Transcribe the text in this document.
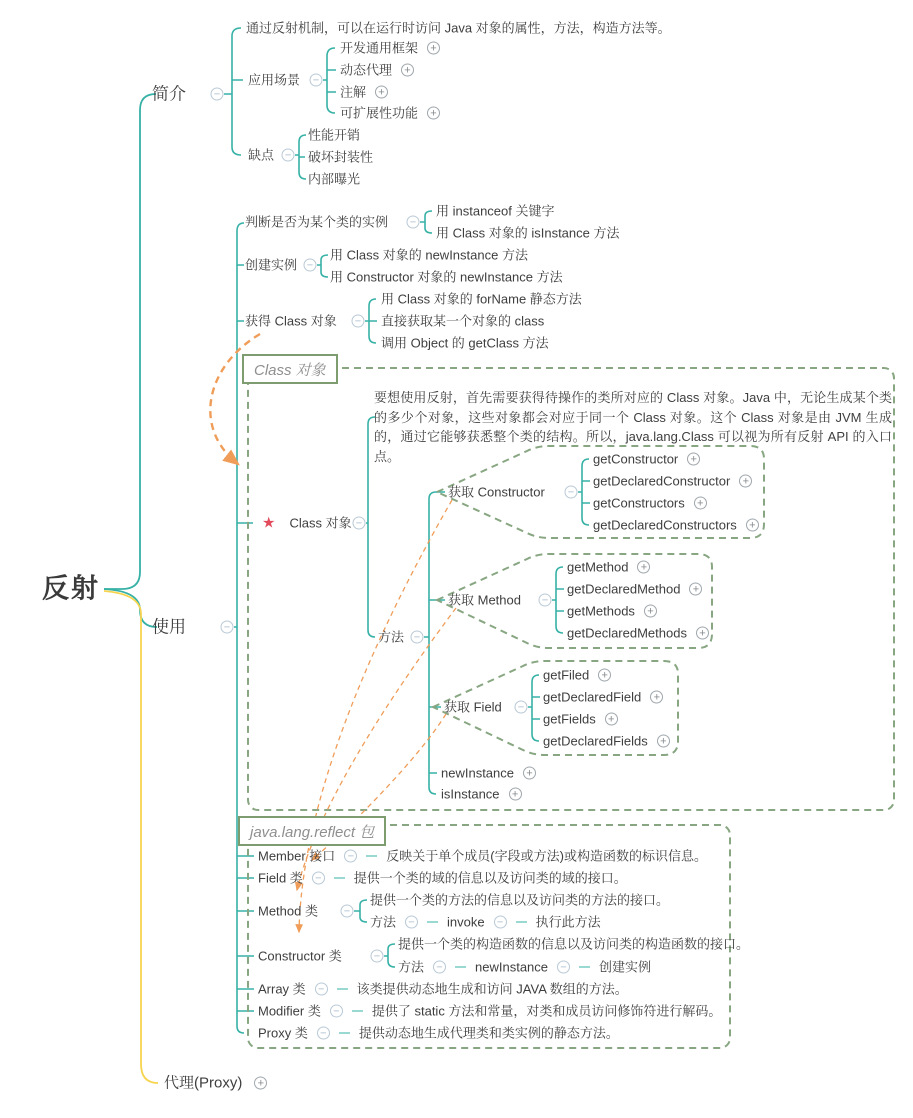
反射
简介	−
通过反射机制，可以在运行时访问 Java 对象的属性，方法，构造方法等。
应用场景 −
开发通用框架 +
动态代理 +
注解 +
可扩展性功能 +
缺点 −
性能开销
破坏封装性
内部曝光
使用	−
判断是否为某个类的实例 −
用 instanceof 关键字
用 Class 对象的 isInstance 方法
创建实例 −
用 Class 对象的 newInstance 方法
用 Constructor 对象的 newInstance 方法
获得 Class 对象 −
用 Class 对象的 forName 静态方法
直接获取某一个对象的 class
调用 Object 的 getClass 方法
Class 对象
★ Class 对象 −
要想使用反射，首先需要获得待操作的类所对应的 Class 对象。Java 中，无论生成某个类的多少个对象，这些对象都会对应于同一个 Class 对象。这个 Class 对象是由 JVM 生成的，通过它能够获悉整个类的结构。所以，java.lang.Class 可以视为所有反射 API 的入口点。
方法 −
获取 Constructor −
getConstructor +
getDeclaredConstructor +
getConstructors +
getDeclaredConstructors +
获取 Method −
getMethod +
getDeclaredMethod +
getMethods +
getDeclaredMethods +
获取 Field −
getFiled +
getDeclaredField +
getFields +
getDeclaredFields +
newInstance +
isInstance +
java.lang.reflect 包
Member 接口 − 反映关于单个成员(字段或方法)或构造函数的标识信息。
Field 类 − 提供一个类的域的信息以及访问类的域的接口。
Method 类 −
提供一个类的方法的信息以及访问类的方法的接口。
方法 − invoke − 执行此方法
Constructor 类	−
提供一个类的构造函数的信息以及访问类的构造函数的接口。
方法 − newInstance − 创建实例
Array 类 − 该类提供动态地生成和访问 JAVA 数组的方法。
Modifier 类 − 提供了 static 方法和常量，对类和成员访问修饰符进行解码。
Proxy 类 − 提供动态地生成代理类和类实例的静态方法。
代理(Proxy) +
